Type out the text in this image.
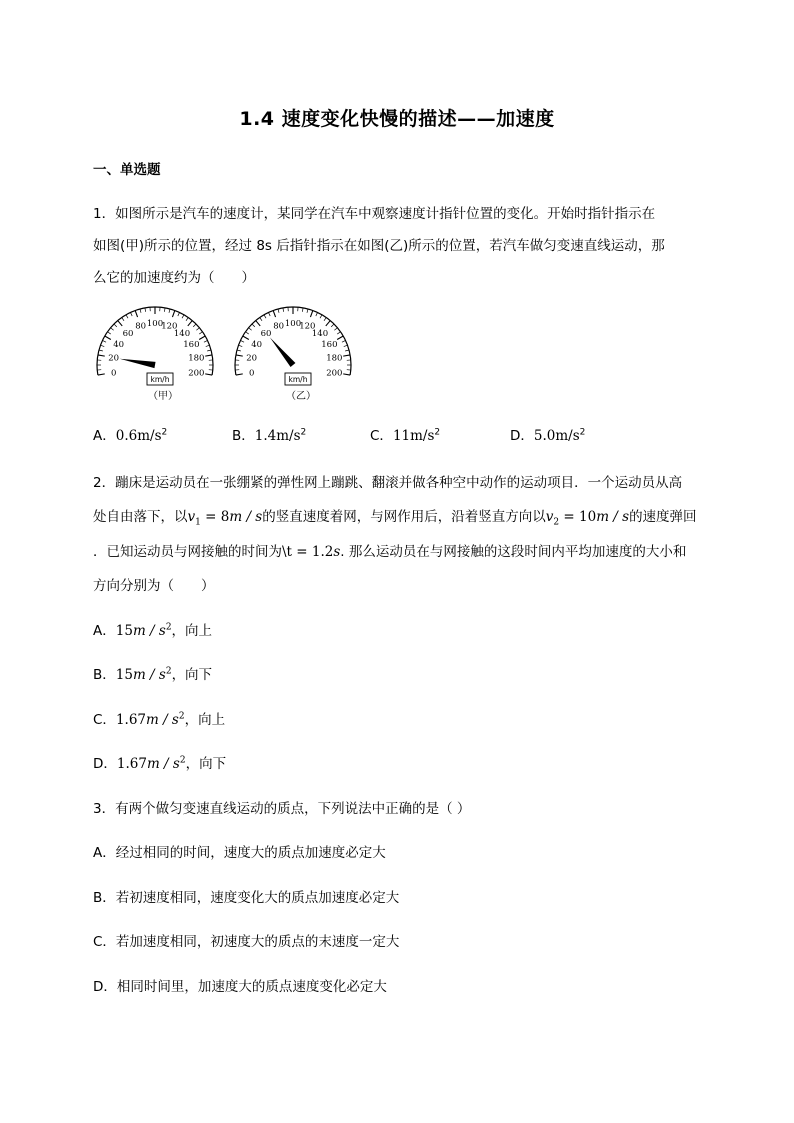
1.4 速度变化快慢的描述——加速度
一、单选题
1．如图所示是汽车的速度计，某同学在汽车中观察速度计指针位置的变化。开始时指针指示在
如图(甲)所示的位置，经过 8s 后指针指示在如图(乙)所示的位置，若汽车做匀变速直线运动，那
么它的加速度约为（　　）
0
20
40
60
80 100
120
140
160
180
200
km/h
0
20
40
60
80 100
120
140
160
180
200
km/h
（甲）	（乙）
A．$0.6m/s^2$	B．$1.4m/s^2$	C．$11m/s^2$	D．$5.0m/s^2$
2．蹦床是运动员在一张绷紧的弹性网上蹦跳、翻滚并做各种空中动作的运动项目．一个运动员从高
处自由落下，以$v_1 = 8m / s$的竖直速度着网，与网作用后，沿着竖直方向以$v_2 = 10m / s$的速度弹回
．已知运动员与网接触的时间为\t = 1.2s. 那么运动员在与网接触的这段时间内平均加速度的大小和
方向分别为（　　）
A．$15m / s^2$，向上
B．$15m / s^2$，向下
C．$1.67m / s^2$，向上
D．$1.67m / s^2$，向下
3．有两个做匀变速直线运动的质点，下列说法中正确的是（ ）
A．经过相同的时间，速度大的质点加速度必定大
B．若初速度相同，速度变化大的质点加速度必定大
C．若加速度相同，初速度大的质点的末速度一定大
D．相同时间里，加速度大的质点速度变化必定大
